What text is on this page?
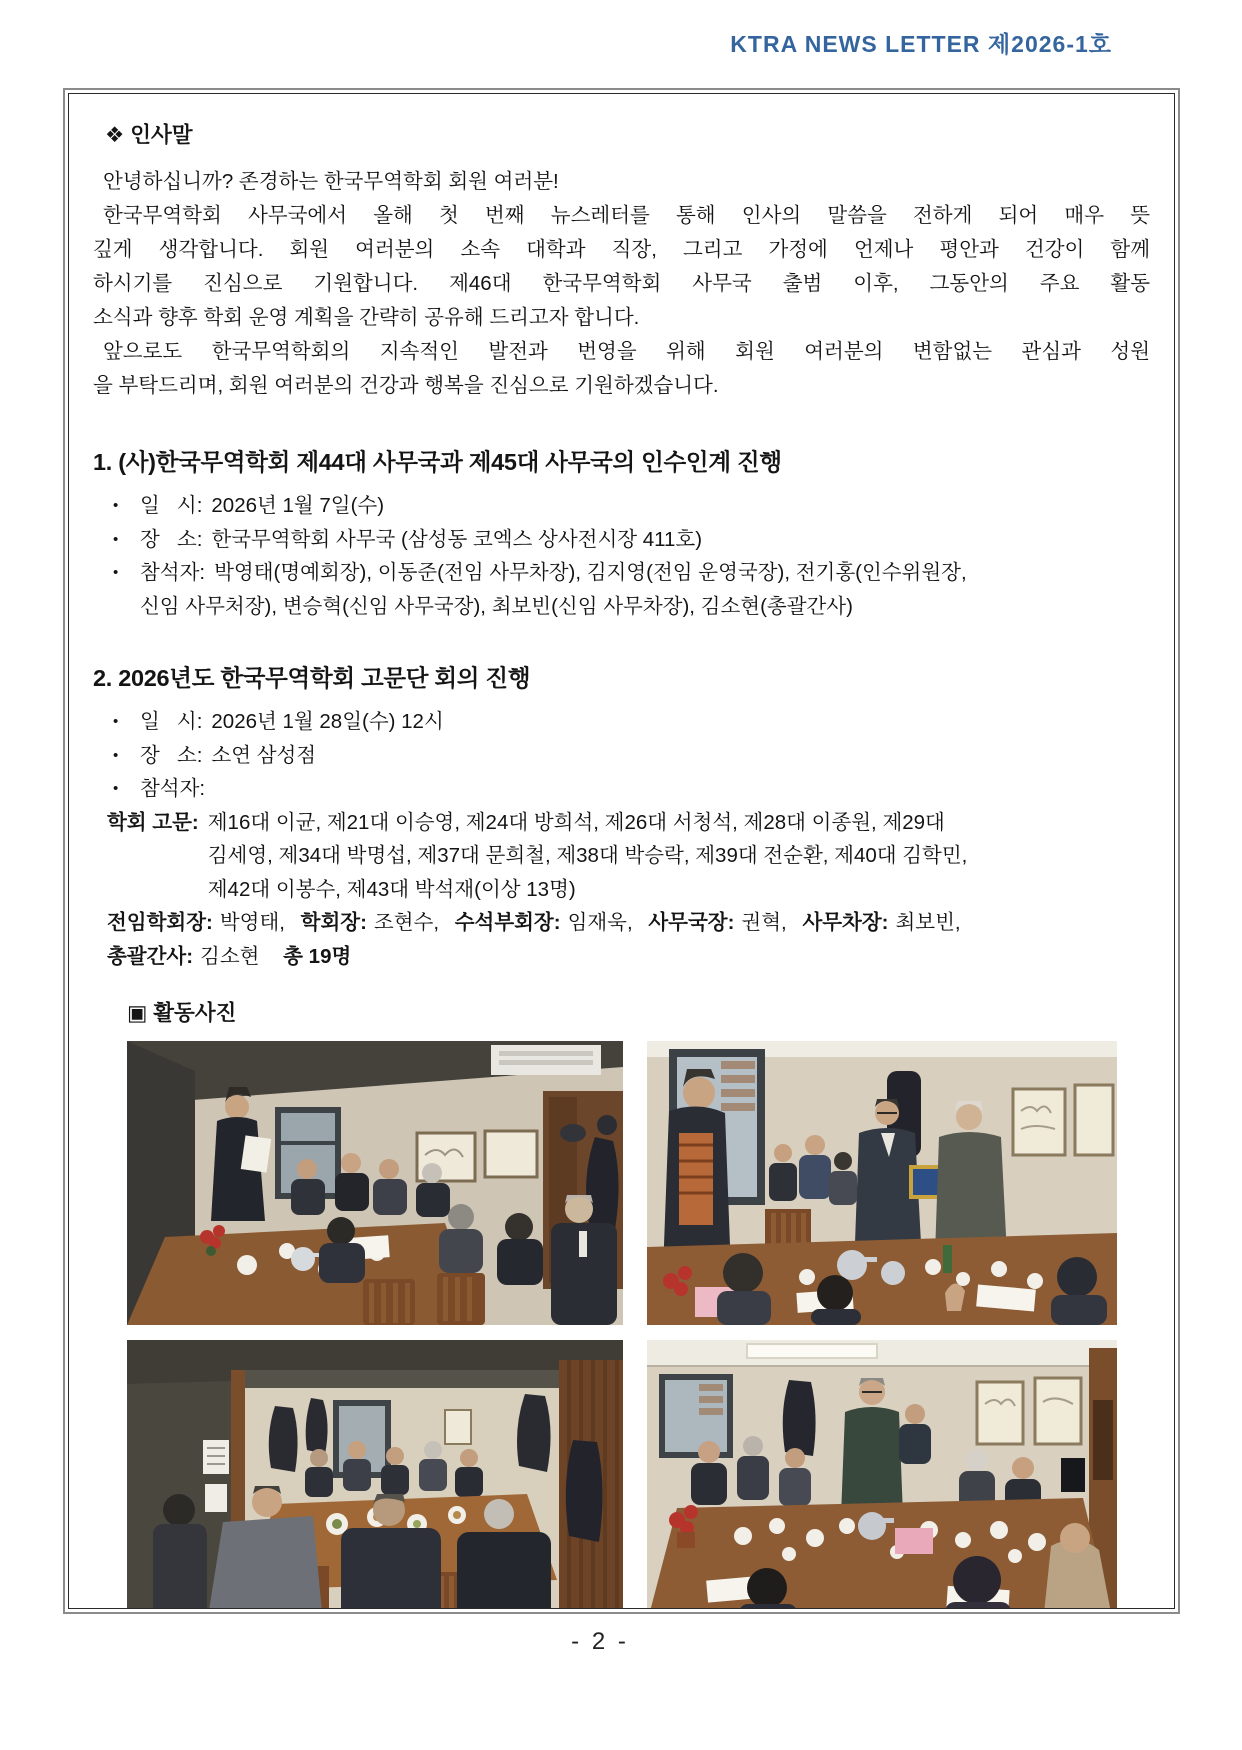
KTRA NEWS LETTER 제2026-1호
❖ 인사말
안녕하십니까? 존경하는 한국무역학회 회원 여러분!
한국무역학회 사무국에서 올해 첫 번째 뉴스레터를 통해 인사의 말씀을 전하게 되어 매우 뜻
깊게 생각합니다. 회원 여러분의 소속 대학과 직장, 그리고 가정에 언제나 평안과 건강이 함께
하시기를 진심으로 기원합니다. 제46대 한국무역학회 사무국 출범 이후, 그동안의 주요 활동
소식과 향후 학회 운영 계획을 간략히 공유해 드리고자 합니다.
앞으로도 한국무역학회의 지속적인 발전과 번영을 위해 회원 여러분의 변함없는 관심과 성원
을 부탁드리며, 회원 여러분의 건강과 행복을 진심으로 기원하겠습니다.
1. (사)한국무역학회 제44대 사무국과 제45대 사무국의 인수인계 진행
•	일   시: 2026년 1월 7일(수)
•	장   소: 한국무역학회 사무국 (삼성동 코엑스 상사전시장 411호)
•	참석자: 박영태(명예회장), 이동준(전임 사무차장), 김지영(전임 운영국장), 전기홍(인수위원장,
신임 사무처장), 변승혁(신임 사무국장), 최보빈(신임 사무차장), 김소현(총괄간사)
2. 2026년도 한국무역학회 고문단 회의 진행
•	일   시: 2026년 1월 28일(수) 12시
•	장   소: 소연 삼성점
•	참석자:
학회 고문: 제16대 이균, 제21대 이승영, 제24대 방희석, 제26대 서청석, 제28대 이종원, 제29대
김세영, 제34대 박명섭, 제37대 문희철, 제38대 박승락, 제39대 전순환, 제40대 김학민,
제42대 이봉수, 제43대 박석재(이상 13명)
전임학회장: 박영태, 학회장: 조현수, 수석부회장: 임재욱, 사무국장: 권혁, 사무차장: 최보빈,
총괄간사: 김소현 총 19명
▣ 활동사진
- 2 -
